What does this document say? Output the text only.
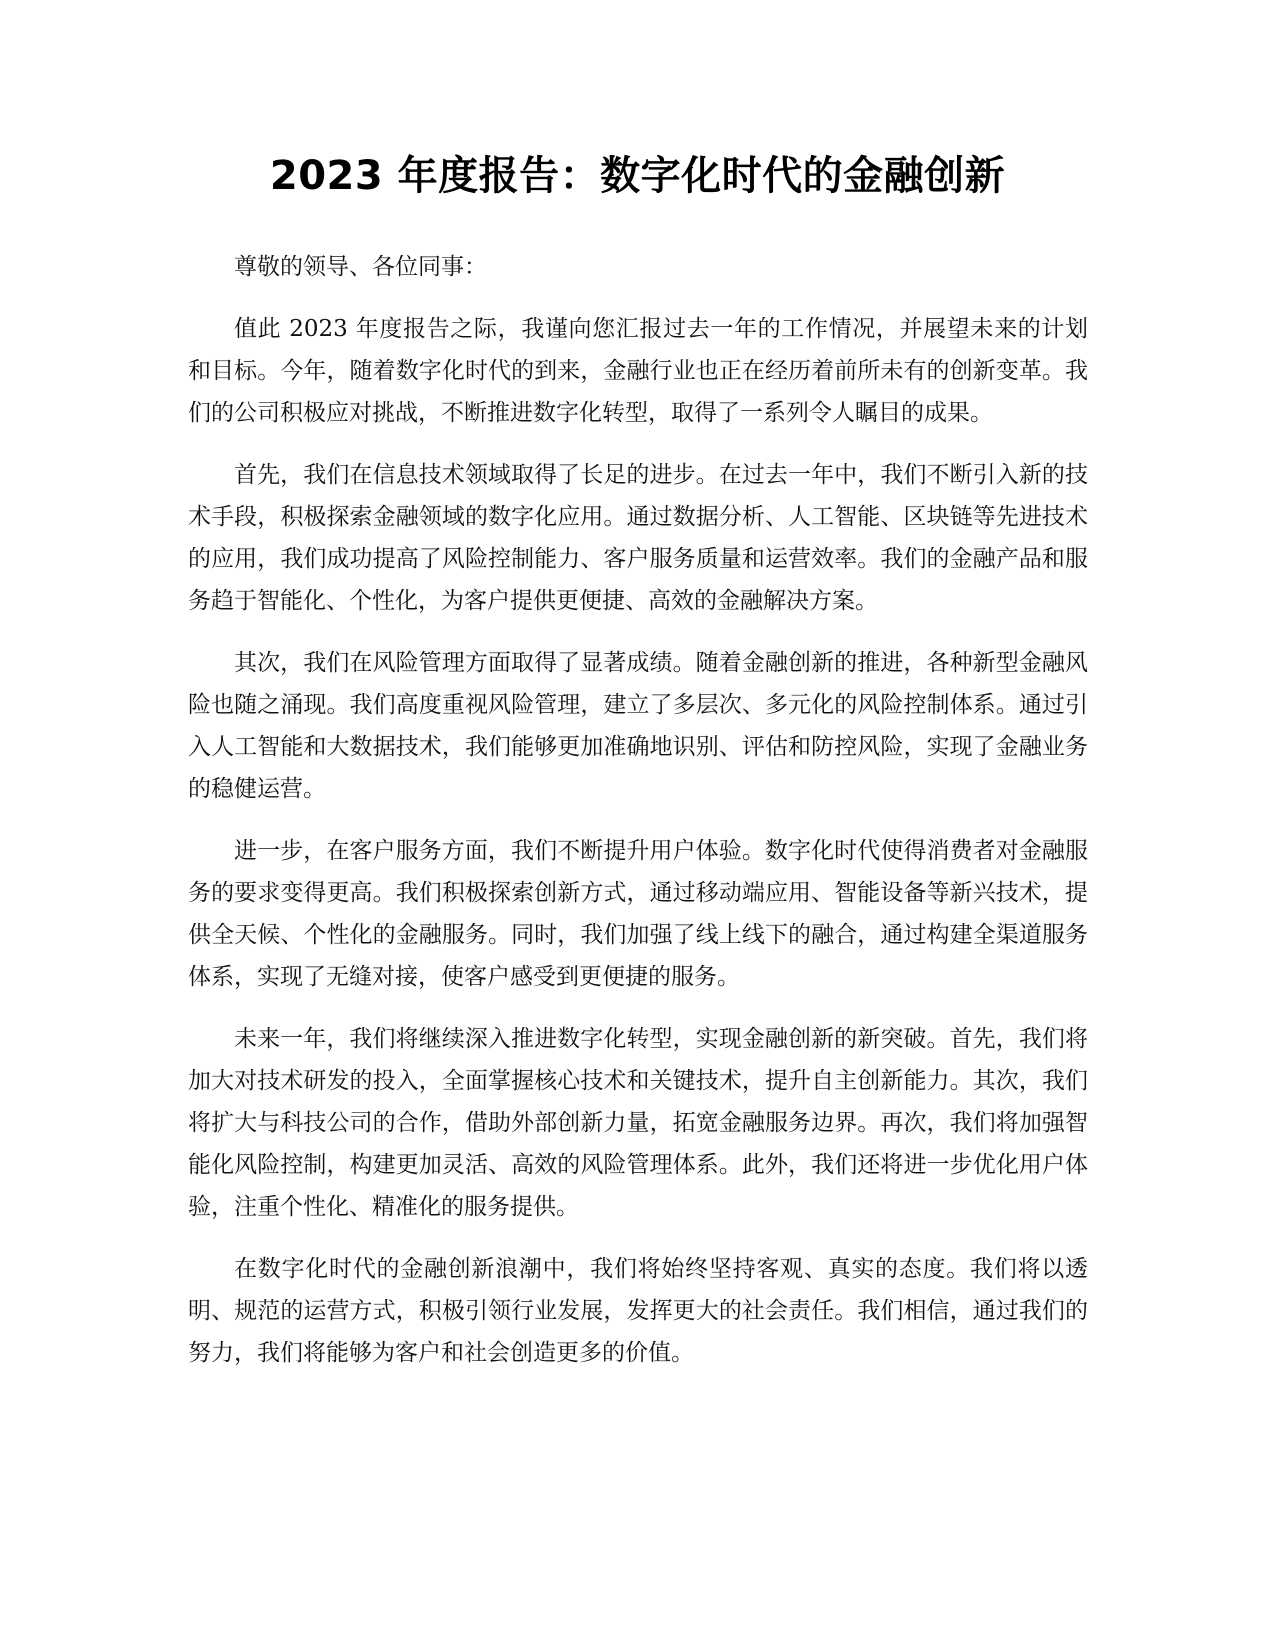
2023 年度报告：数字化时代的金融创新

尊敬的领导、各位同事：

值此 2023 年度报告之际，我谨向您汇报过去一年的工作情况，并展望未来的计划和目标。今年，随着数字化时代的到来，金融行业也正在经历着前所未有的创新变革。我们的公司积极应对挑战，不断推进数字化转型，取得了一系列令人瞩目的成果。

首先，我们在信息技术领域取得了长足的进步。在过去一年中，我们不断引入新的技术手段，积极探索金融领域的数字化应用。通过数据分析、人工智能、区块链等先进技术的应用，我们成功提高了风险控制能力、客户服务质量和运营效率。我们的金融产品和服务趋于智能化、个性化，为客户提供更便捷、高效的金融解决方案。

其次，我们在风险管理方面取得了显著成绩。随着金融创新的推进，各种新型金融风险也随之涌现。我们高度重视风险管理，建立了多层次、多元化的风险控制体系。通过引入人工智能和大数据技术，我们能够更加准确地识别、评估和防控风险，实现了金融业务的稳健运营。

进一步，在客户服务方面，我们不断提升用户体验。数字化时代使得消费者对金融服务的要求变得更高。我们积极探索创新方式，通过移动端应用、智能设备等新兴技术，提供全天候、个性化的金融服务。同时，我们加强了线上线下的融合，通过构建全渠道服务体系，实现了无缝对接，使客户感受到更便捷的服务。

未来一年，我们将继续深入推进数字化转型，实现金融创新的新突破。首先，我们将加大对技术研发的投入，全面掌握核心技术和关键技术，提升自主创新能力。其次，我们将扩大与科技公司的合作，借助外部创新力量，拓宽金融服务边界。再次，我们将加强智能化风险控制，构建更加灵活、高效的风险管理体系。此外，我们还将进一步优化用户体验，注重个性化、精准化的服务提供。

在数字化时代的金融创新浪潮中，我们将始终坚持客观、真实的态度。我们将以透明、规范的运营方式，积极引领行业发展，发挥更大的社会责任。我们相信，通过我们的努力，我们将能够为客户和社会创造更多的价值。
